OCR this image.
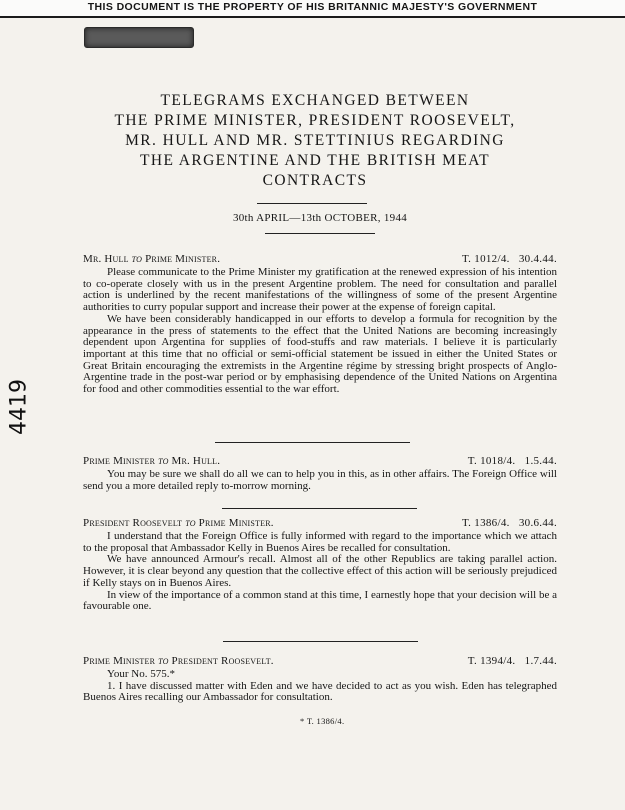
THIS DOCUMENT IS THE PROPERTY OF HIS BRITANNIC MAJESTY'S GOVERNMENT
4419
TELEGRAMS EXCHANGED BETWEEN
THE PRIME MINISTER, PRESIDENT ROOSEVELT,
MR. HULL AND MR. STETTINIUS REGARDING
THE ARGENTINE AND THE BRITISH MEAT
CONTRACTS
30th APRIL—13th OCTOBER, 1944
Mr. Hull to Prime Minister.	T. 1012/4. 30.4.44.

Please communicate to the Prime Minister my gratification at the renewed expression of his intention to co-operate closely with us in the present Argentine problem. The need for consultation and parallel action is underlined by the recent manifestations of the willingness of some of the present Argentine authorities to curry popular support and increase their power at the expense of foreign capital.

We have been considerably handicapped in our efforts to develop a formula for recognition by the appearance in the press of statements to the effect that the United Nations are becoming increasingly dependent upon Argentina for supplies of food-stuffs and raw materials. I believe it is particularly important at this time that no official or semi-official statement be issued in either the United States or Great Britain encouraging the extremists in the Argentine régime by stressing bright prospects of Anglo-Argentine trade in the post-war period or by emphasising dependence of the United Nations on Argentina for food and other commodities essential to the war effort.

Prime Minister to Mr. Hull.	T. 1018/4. 1.5.44.

You may be sure we shall do all we can to help you in this, as in other affairs. The Foreign Office will send you a more detailed reply to-morrow morning.

President Roosevelt to Prime Minister.	T. 1386/4. 30.6.44.

I understand that the Foreign Office is fully informed with regard to the importance which we attach to the proposal that Ambassador Kelly in Buenos Aires be recalled for consultation.

We have announced Armour's recall. Almost all of the other Republics are taking parallel action. However, it is clear beyond any question that the collective effect of this action will be seriously prejudiced if Kelly stays on in Buenos Aires.

In view of the importance of a common stand at this time, I earnestly hope that your decision will be a favourable one.

Prime Minister to President Roosevelt.	T. 1394/4. 1.7.44.

Your No. 575.*

1. I have discussed matter with Eden and we have decided to act as you wish. Eden has telegraphed Buenos Aires recalling our Ambassador for consultation.

* T. 1386/4.
